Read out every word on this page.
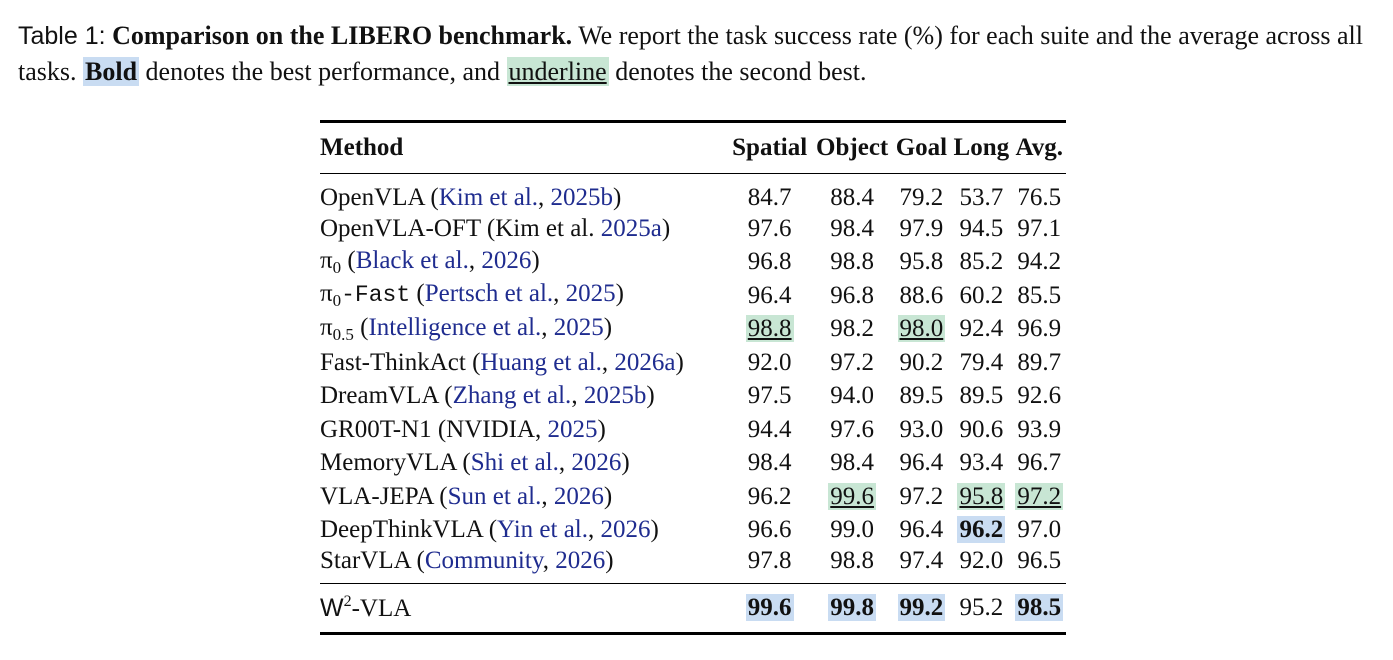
Table 1: Comparison on the LIBERO benchmark. We report the task success rate (%) for each suite and the average across all tasks. Bold denotes the best performance, and underline denotes the second best.
Method	Spatial	Object	Goal	Long	Avg.
OpenVLA (Kim et al., 2025b)	84.7	88.4	79.2	53.7	76.5
OpenVLA-OFT (Kim et al. 2025a)	97.6	98.4	97.9	94.5	97.1
$\pi_0$ (Black et al., 2026)	96.8	98.8	95.8	85.2	94.2
$\pi_0$-Fast (Pertsch et al., 2025)	96.4	96.8	88.6	60.2	85.5
$\pi_{0.5}$ (Intelligence et al., 2025)	98.8	98.2	98.0	92.4	96.9
Fast-ThinkAct (Huang et al., 2026a)	92.0	97.2	90.2	79.4	89.7
DreamVLA (Zhang et al., 2025b)	97.5	94.0	89.5	89.5	92.6
GR00T-N1 (NVIDIA, 2025)	94.4	97.6	93.0	90.6	93.9
MemoryVLA (Shi et al., 2026)	98.4	98.4	96.4	93.4	96.7
VLA-JEPA (Sun et al., 2026)	96.2	99.6	97.2	95.8	97.2
DeepThinkVLA (Yin et al., 2026)	96.6	99.0	96.4	96.2	97.0
StarVLA (Community, 2026)	97.8	98.8	97.4	92.0	96.5
$W^2$-VLA	99.6	99.8	99.2	95.2	98.5
